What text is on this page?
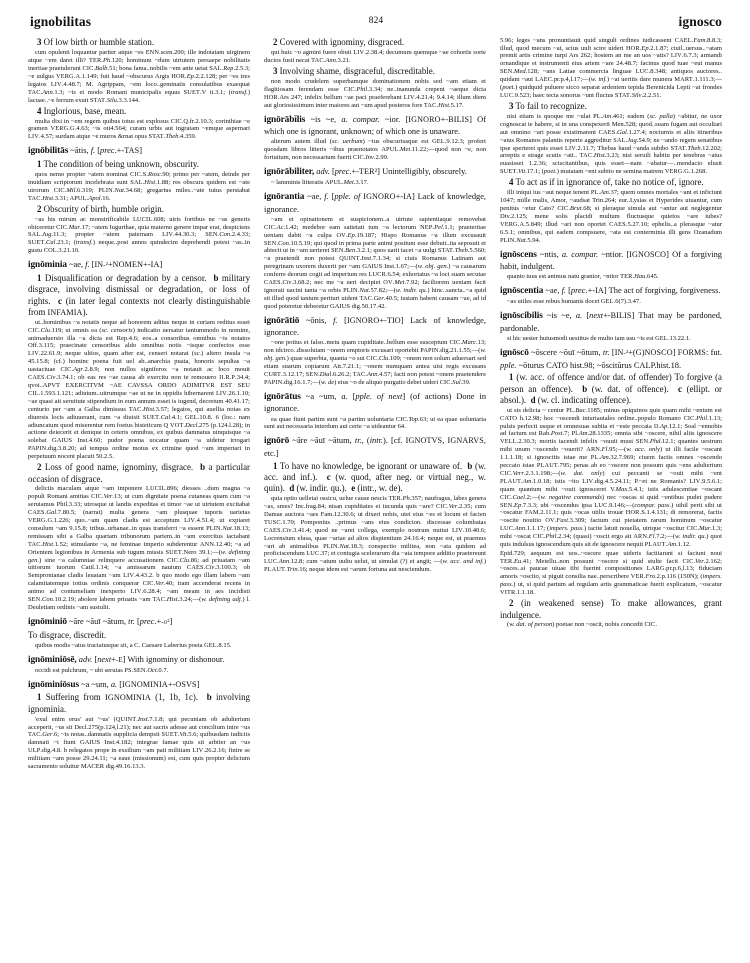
ignobilitas	824	ignosco
3 Of low birth or humble station.
cum opulenti loquantur pariter atque ~es ENN.scen.200; ille indotatam uirginem atque ~em daret illi? TER.Ph.120; hominum ~dum uirtutem persaepe nobilitatis inertiae praetulerunt CIC.Balb.51; bona fama..nobilis ~em ante uetat SAL.Rep.2.5.3; ~e uulgus VERG.A.1.149; fuit haud ~obscurus Argis HOR.Ep.2.2.128; per ~es tres legatos LIV.4.48.7; M. Agrippam, ~em loco..geminatis consulatibus exaequat TAC.Ann.1.3; ~is et modo Romani municipalis equus SUET.V it.3.1; (transf.) lacuae..~e ferrum exuit STAT.Silu.3.3.144.
4 Inglorious, base, mean.
multa dixi in ~em regem quibus totus est explosus CIC.Q.fr.2.10.3; corinthiae ~e gramen VERG.G.4.63; ~is oti4.564; curam urbis aut ingratam ~emque aspernari LIV.4.57; surdam atque ~e muros &rnat opus STAT.Theb.4.359.
ignōbilitās ~ātis, f. [prec.+-TAS]
1 The condition of being unknown, obscurity.
quos nemo propter ~atem nominat CIC.S.Rosc.90; primo per ~atem, deinde per inuidiam scriptorum incelebrata sunt SAL.Hist.1.88; res obscura quidem est ~ate uirorum CIC.Mil.6.319; PLIN.Nat.34.68; gregarius miles..~ate tutus perstabat TAC.Hist.3.31; APUL.Apol.16.
2 Obscurity of birth, humble origin.
~as his mirum ac monstrificabile LUCIL.608; uiris fortibus ne ~as generis obiceretur CIC.Mur.17; ~atem Iugurthae, quia materno genere impar erat, despiciens SAL.Jug.11.3; propter ~atem paternam LIV.44.30.3; SEN.Con.2.4.33; SUET.Cal.23.1; (transf.) neque..post annos quindecim deprehendi potest ~as..in gustu COL.3.21.10.
ignōminia ~ae, f. [IN-²+NOMEN+-IA]
1 Disqualification or degradation by a censor.  b military disgrace, involving dismissal or degradation, or loss of rights.  c (in later legal contexts not clearly distinguishable from INFAMIA).
ut..hominibus ~a notatis neque ad honorem aditus neque in curiam reditus esset CIC.Clu.119; ut omnis ea (sc. censoris) indicatio uersatur tantummodo in nomine, animaduersio illa ~a dicta est Rep.4.6; eos..a consoribus omnibus ~is notatos Off.3.115; praecinate censoribus aldo omnibus notis ~isque confectos esse LIV.22.61.9; neque ultios, quam after est, censeri notarat (sc.) altero insula ~a 45.15.8; (cf.) hominc poena fuit uel ab..anarchia puata, honoris sepultas ~a uastaciuae CIC.Agr.2.8.9; non nullos signiferos ~a notauit ac loco mouit CAES.Civ.3.74.1; ob eas res ~ae causa ab exercitu non te remouero II.R.P.34.4; qvoi..APVT EXERCITVM ~AE CAVSSA ORDO ADIMITVR EST SEU CIL.1.593.1.121; adiutum..uitrumque ~ae ut ne in oppidis hibernarent LIV.26.1.10; ~ae quasi ait seruitute stipendium in eum annum esset is iugend, decretum 40.41.17; centurio per ~am a Galba dimissus TAC.Hist.3.57; legatos, qui auellia notas ex diuersis locis adiuuerant, cum ~a diuisit SUET.Cal.4.1; GEL.10.8. 6 (loc.: nam adiuncatum quod miserentur rem foetus bisteticum Q VOT.Decl.275 (p.124.l.28); in actione deiecerit et denique in ceteris omnibus, ex quibus damnatus uinquisque ~a solebat GAIUS Inst.4.60; pudor poena uocatur quam ~a uidetur irrogari PAPIN.dig.3.8.20; ad tempus ordine motus ex crimine quod ~am impertari in perpetuum nocent placuit 50.2.5.
2 Loss of good name, ignominy, disgrace.  b a particular occasion of disgrace.
deliciis maculam atque ~am imponere LUCIL.896; diesses ..dum magna ~a populi Romani amittas CIC.Ver.13; ut cum dignitate poena cutaneas quam cum ~a seruiamus Phil.3.33; utrosque ut landis expeditas et timor ~ae ut uirtutem excitabat CAES.Gal.7.80.5; (narrat) multa genera ~am plusquae tuporis uarietas VERG.G.1.226; quo..~am quam cladis est acceptum LIV.4.51.4; ut expiaret consulum ~am 9.15.8; tribus..urbanae..in quas transferri ~a essent PLIN.Nat.18.13; remissam sibi a Galba quartam tribunorum partem..in ~am exercitus iactabant TAC.Hist.1.52; stimulante ~a, ne feminae imperio subderentur ANN.12.40; ~a ad Orientem legionibus in Armenia sub iugum missis SUET.Nero 39.1;—(w. defining gen.) sine ~a calumniae relinquere accusationem CIC.Clu.86; ad priuatam ~am uitiorum tuorum Catil.1.14; ~a amissarum nauium CAES.Civ.3.100.3; ob Sempronianae cladis leuatam ~am LIV.4.43.2. b quo modo ego illam labem ~am calamitatemque totius ordinis conquerar CIC.Ver.40; iram accenderat recens in animo ad contumeliam inexperto LIV.6.28.4; ~am meam in aes incidisti SEN.Con.10.2.19; abolere labem priuatis ~am TAC.Hist.3.24;—(w. defining adj.) l. Deuletiam ordinis ~am sustulit.
ignōminiō ~āre ~āuī ~ātum, tr. [prec.+-o²]
To disgrace, discredit.
quibus modis ~atus tractatusque sit, a C. Caesare Laberius poeta GEL.8.15.
ignōminiōsē, adv. [next+-E] With ignominy or dishonour.
occidi est pulchrum, ~ ubi seruias PS.SEN.Oct.0.7.
ignōminiōsus ~a ~um, a. [IGNOMINIA+-OSVS]
1 Suffering from IGNOMINIA (1, 1b, 1c).  b involving ignominia.
'exul enim erus' aut '~us' (QUINT.Inst.7.1.8; qui pecuniam ob adulterium acceperit, ~us sit Decl.275(p.124,l.21); nec aut sacris adesse aut concilium inire ~us TAC.Ger.6; ~is notas..damnatis supplicia dempsit SUET.Vit.5.6; quibusdam iudiciis damnati ~i fiunt GAIUS Inst.4.182; integrae famae quis sit arbiter an ~us ULP.dig.4.8. b relegatos prope in exsilium ~am pati militiam LIV.26.2.16; finire se militiam ~am posse 29.24.11; ~a eaue (missionum) est, cum quis propter delictum sacramento soluitur MACER dig.49.16.13.3.
2 Covered with ignominy, disgraced.
qui huic ~o agmini fuere obuii LIV.2.38.4; decumum quemque ~ae cohortis sorte ductos fusti necat TAC.Ann.3.21.
3 Involving shame, disgraceful, discreditable.
non modo crudelem superbamque dominationem nobis sed ~am etiam et flagitiosam ferendam esse CIC.Phil.3.34; ne..inanunda crepent ~aeque dicta HOR.Ars 247; infelix bellum ~ae paci praeferebant LIV.4.21.4; 9.4.14; illum diem aut gloriosissimum inter maiores aut ~um apud posteros fore TAC.Hist.5.17.
ignōrābĭlis ~is ~e, a. compar. ~ior. [IGNORO+-BILIS] Of which one is ignorant, unknown; of which one is unaware.
alterum autem illud (sc. uerbum) ~ius obscuriusque est GEL.9.12.3; profert quosdam libros litteris ~ibus praenotatos APUL.Met.11.22;—quod non ~e, non fortuitum, non necessarium fuerit CIC.Inv.2.99.
ignōrābiliter, adv. [prec.+-TER²] Unintelligibly, obscurely.
~ lamminis litteratis APUL.Met.3.17.
ignōrantia ~ae, f. [pple. of IGNORO+-IA] Lack of knowledge, ignorance.
~am et opinationem et suspicionem..a uirtute sapientiaque removebat CIC.Ac.1.42; medebor eam satietati tum ~a lectorum NEP.Pel.1.1; praeteritae ueniam dabit ~a culpa OV.Ep.19.187; Hispo Romanus ~a illum excusauit SEN.Con.10.5.19; qui quod in prima parte animi positum esse debuit..ita seposuit et abiecit ut in ~am uerteret SEN.Ben.3.2.1; quos uarii tacet ~a uulgi STAT.Theb.5.560; ~a praetendi non potest QUINT.Inst.7.1.34; si ciuis Romanus Latinam aut peregrinam uxorem duxerit per ~am GAIUS Inst.1.67;—(w. obj. gen.) ~a causarum conferre deorum cogit ad imperium res LUCR.6.54; exhortatus ~a loci suam secutae CAES.Civ.3.68.2; nec me ~a ueri decipiet OV.Met.7.92; faciliorem ueniam facit ignorati uacini tanta ~a orbis PLIN.Nat.57.82;—(w. indir. qu.) hinc..sancta..~a quid sit illud quod tantum perituri uident TAC.Ger.40.5; iustam habent causam ~ae, ad id quod poteretur deberetur GAIUS dig.50.17.42.
ignōrātiō ~ōnis, f. [IGNORO+-TIO] Lack of knowledge, ignorance.
~one potius et falso..metu quam cupiditate..bellum esse susceptum CIC.Marc.13; non idcirco..dissolutam ~onem emptoris excusari oportebit PAPIN.dig.21.1.55;—(w. obj. gen.) quae superbia, quanta ~o sui CIC.Clu.109; ~onem non solum aduersari sed etiam suarum copiarum Att.7.21.1; ~onem numquam antea uisi regis excusans CURT.3.12.17; SEN.Dial.6.26.2; TAC.Ann.4.57; facti non potest ~onem praetendere PAPIN.dig.16.1.7;—(w. de) eius ~o de aliquo purgatio debet uideri CIC.Sul.39.
ignōrātus ~a ~um, a. [pple. of next] (of actions) Done in ignorance.
ea quae fiunt partim sunt ~a partim uoluntaria CIC.Top.63; ut ea quae uoluntaria sunt aut necessaria interdum aut certe ~a uideantur 64.
ignōrō ~āre ~āuī ~ātum, tr., (intr.). [cf. IGNOTVS, IGNARVS, etc.]
1 To have no knowledge, be ignorant or unaware of.  b (w. acc. and inf.).  c (w. quod, after neg. or virtual neg., w. quin).  d (w. indir. qu.).  e (intr., w. de).
quia optio uelletai ossicu, uelue cause nescis TER.Ph.357; naufragus, labes genera ~as, smes? Inc.frag.84; nisan cupiditates ei iucunda quis ~are? CIC.Ver.2.35; cum Damae auctora ~aes Fam.12.30.6; ut dixeri nobis, utei eius ~es et locum et facien TUSC.1.70; Pomponius ..primus ~ans eius condicion. discessae columbatas CAES.Civ.3.41.4; quod ne ~aret collega, exemplo nostrum nuttui LIV.10.40.6; Locrensium elusa, quae ~ariae ad alios dispientium 24.16.4; neque est, ut praemus ~ari ab animalibus PLIN.Nat.18.3; conspectio militea, non ~ata quidem ad proficiscendum LUC.37; et coniugia scelerarum dia ~ata tempore additio praetereunt LUC.Ann.12.8; cum ~atum uultu uelut, ut simulat (?) et angit; —(w. acc. and inf.) PLAUT.Trin.16; neque idem est ~arum fortuna aut nesciendum.
5.96; leges ~ans pronuntiauit quid singuli ordines iudicassent CAEL.Fam.8.8.3; illud, quod mecum ~at, scius uult scire uideri HOR.Ep.2.1.87; ciuil..uersus..~atam premit artis crimine turpi Ars 262; hostem an me an uos ~atis? LIV.6.7.3; armandi ornandique et instrumenti eius artem ~are 24.48.7; facinus quod tuae ~eut manus SEN.Med.128; ~ans Latiae commercia linguae LUC.8.348; antiquos auctores.. quidam ~aut LAEC.pr.p.4,l.17;—(w. inf.) ~at ueritis dare munera MART.1.111.3;—(poet.) quidquid puluere sicco separat ardentem tepida Berenicida Lepti ~at frondes LUC.9.523; haec tecta sonorus ~unt fluctus STAT.Silv.2.2.51.
3 To fail to recognize.
nisi etiam is quoque me ~ulat PL.Am.461; eadem (sc. palla) ~abitur, ne uxor cognoscat te habere, si in una conspexerit Men.528; quod..suam fugam aut occultari aut omnino ~ari posse existimarent CAES.Gal.1.27.4; nocturnis et aliis itineribus ~atus Romanos palantis reperte aggreditur SAL.Jug.54.9; ne ~ando regem senatibus ipse sperteret quis esset LIV.2.11.7; Thebas haud ~anda subibo STAT.Theb.12.202; arreptis e strage scutis ~ati.. TAC.Hist.3.23; nisi seruili habitu per tenebras ~atus euasisset 1.2.36; sciscitantibus, quis esset—nam ~abatur—..mendacio elusit SUET.Vit.17.1; (poet.) mutatam ~ent subito ne semina matrem VERG.G.1.268.
4 To act as if in ignorance of, take no notice of, ignore.
illi iniqui ius ~aut neque tenent PL.Am.37; quem omnes mortales ~ant et inficiunt 1047; mille malis, Amor, ~audsat Trin.264; eur..Lysias et Hyperides uiuantur, cum penitus ~etur Cato? CIC.Brut.68; si pleraque simula aut ~antur aut neglegentur Div.2.125; mene solis placidi multum fluctusque quietos ~are iubes? VERG.A.5.849; illud ~ari non oportet CAES.5.27.10; ephelis..a plerasque ~atur 6.5.1; omnibus, qui eadem compsuere, ~ata est conterminia illi gens Ozanadum PLIN.Nat.5.94.
ignōscens ~ntis, a. compar. ~ntior. [IGNOSCO] Of a forgiving habit, indulgent.
quanto tuus est animus natu granior, ~ntior TER.Hau.645.
ignōscentia ~ae, f. [prec.+-IA] The act of forgiving, forgiveness.
~as utiles esse rebus humanis docet GEL.6(7).3.47.
ignōscibilis ~is ~e, a. [next+-BILIS] That may be pardoned, pardonable.
si hic uester huiusmodi uestitus de multo iam usu ~is est GEL.13.22.1.
ignōscō ~ōscere ~ōuī ~ōtum, tr. [IN-²+(G)NOSCO] FORMS: fut. pple. ~ōturus CATO hist.98; ~ōscitūrus CALP.hist.18.
1 (w. acc. of offence and/or dat. of offender) To forgive (a person an offence).  b (w. dat. of offence).  c (ellipt. or absol.).  d (w. cl. indicating offence).
ut sis delicta ~ centur PL.Bac.1185; minus opiquinos quis quam mihi ~entum est CATO h.12.98; hoc ~oscendi iniuriautales ordine..populo Romano CIC.Phil.1.13; pulsis perfecti usque et omnesuas subita et ~este peccata II.Ap.12.1; Soal ~ennobis ad factum est Rab.Post.7; Pl.Am.28.1335; omnia sibi ~oscere, nihil aliis ignoscere VELL.2.30.3; mortis tacendi infelix ~ouuit must SEN.Phd.12.1; quantes uestrum mihi unum ~oscendo ~ouerit? ARN.Fl.95;—(w. acc. only) ut illi facile ~oscant 1.1.1.18; si ignoscitis istae me PL.Am.32.7.969; ciuem factis omnes ~oscendo peccato istae PLAUT.795; penas ab eo ~oscere non possum quis ~ens adulterium CIC.Verr.2.3.1.198;—(w. dat. only) cui peccanti se ~ouit mihi ~ent PLAUT.Am.1.0.18; istis ~ito LIV.dig.4.5.24.11; P.~et ne Romanis? LIV.9.5.6.1; quam quantum mihi ~ouit ignosceret V.Max.5.4.1; istis adulescentiae ~oscant CIC.Cael.2;—(w. negative commands) nec ~oscas si quid ~entibus pudet pudere SEN.Ep.7.3.3; ubi ~oscendus ipsa LUC.9.146;—(compar. pass.) uihil perit sibi ut ~oscatur FAM.2.11.1; quis ~ocas utilis trouar HOR.S.1.4.131; di remorerat, factis ~oscite nouitio OV.Fast.3.309; factum cui pietatem rarum hominum ~oscatur LUC.Ann.1.1.17; (impers. pass.) tacite latuit nouella, utrique ~oscitur CIC.Mur.1.3; mihi ~oscat CIC.Phil.2.34; (quasi) ~oscit ergo ait ARN.Fl.7.2;—(w. indir. qu.) quot quis indulsus ignoscendum quis sit de ignoscere nequit PLAUT.Am.1.12.
Epid.729; aequum est uos..~oscere quae uideris factitarunt si faciunt noui TER.Eu.41; Metellu..non possunt ~oscere si quid stulte facit CIC.Ver.2.162; ~osces..si paucae uiuae tibi fuerint compositiones LARG.pr.p.6,l.13; fiduciam amoris ~oscito, si piguit consilia nae..perscribere VER.Fro.2.p.116 (150N); (impers. pass.) ut, si quid partum ad regulam artis grammaticae fuerit explicatum, ~oscatur VITR.1.1.18.
2 (in weakened sense) To make allowances, grant indulgence.
(w. dat. of person) poetae non ~oscit, nobis concedit CIC.
